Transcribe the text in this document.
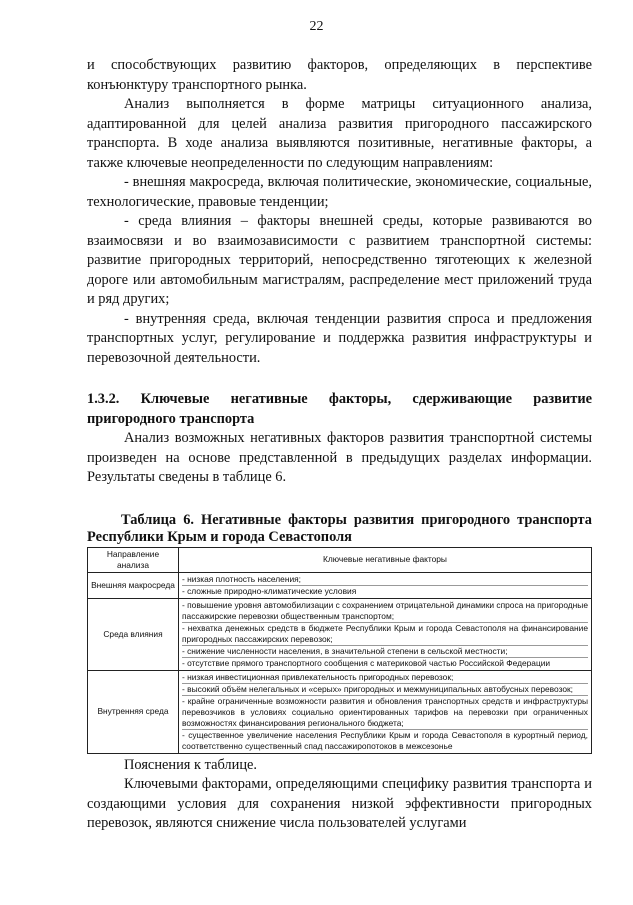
22

и способствующих развитию факторов, определяющих в перспективе конъюнктуру транспортного рынка.

Анализ выполняется в форме матрицы ситуационного анализа, адаптированной для целей анализа развития пригородного пассажирского транспорта. В ходе анализа выявляются позитивные, негативные факторы, а также ключевые неопределенности по следующим направлениям:

- внешняя макросреда, включая политические, экономические, социальные, технологические, правовые тенденции;

- среда влияния – факторы внешней среды, которые развиваются во взаимосвязи и во взаимозависимости с развитием транспортной системы: развитие пригородных территорий, непосредственно тяготеющих к железной дороге или автомобильным магистралям, распределение мест приложений труда и ряд других;

- внутренняя среда, включая тенденции развития спроса и предложения транспортных услуг, регулирование и поддержка развития инфраструктуры и перевозочной деятельности.

1.3.2. Ключевые негативные факторы, сдерживающие развитие пригородного транспорта

Анализ возможных негативных факторов развития транспортной системы произведен на основе представленной в предыдущих разделах информации. Результаты сведены в таблице 6.

Таблица 6. Негативные факторы развития пригородного транспорта Республики Крым и города Севастополя

Направление анализа	Ключевые негативные факторы
Внешняя макросреда	- низкая плотность населения;
- сложные природно-климатические условия

Среда влияния	- повышение уровня автомобилизации с сохранением отрицательной динамики спроса на пригородные пассажирские перевозки общественным транспортом;
- нехватка денежных средств в бюджете Республики Крым и города Севастополя на финансирование пригородных пассажирских перевозок;
- снижение численности населения, в значительной степени в сельской местности;
- отсутствие прямого транспортного сообщения с материковой частью Российской Федерации

Внутренняя среда	- низкая инвестиционная привлекательность пригородных перевозок;
- высокий объём нелегальных и «серых» пригородных и межмуниципальных автобусных перевозок;
- крайне ограниченные возможности развития и обновления транспортных средств и инфраструктуры перевозчиков в условиях социально ориентированных тарифов на перевозки при ограниченных возможностях финансирования регионального бюджета;
- существенное увеличение населения Республики Крым и города Севастополя в курортный период, соответственно существенный спад пассажиропотоков в межсезонье

Пояснения к таблице.

Ключевыми факторами, определяющими специфику развития транспорта и создающими условия для сохранения низкой эффективности пригородных перевозок, являются снижение числа пользователей услугами
